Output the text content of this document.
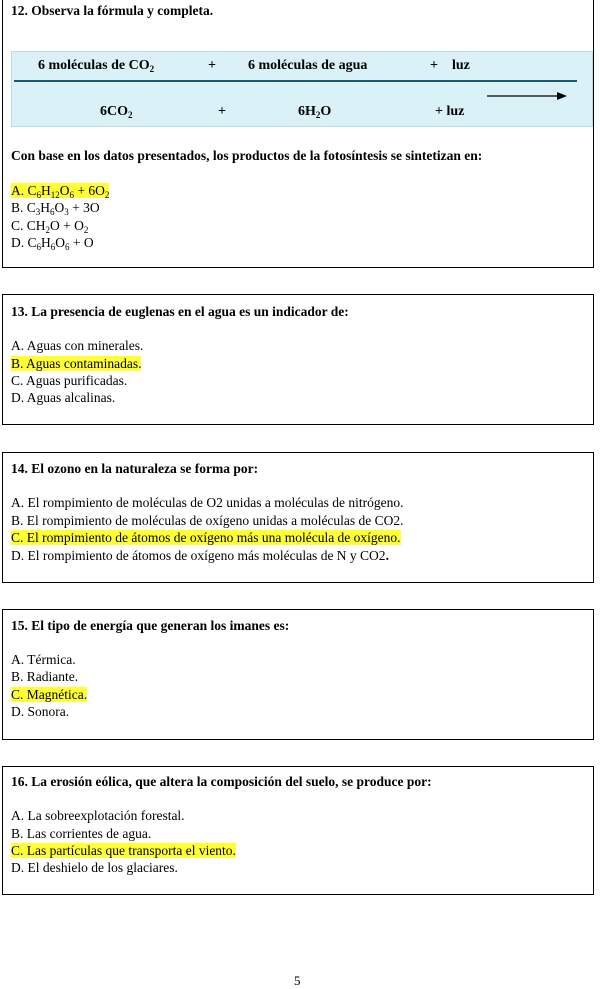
12. Observa la fórmula y completa.
6 moléculas de $CO_2$	+ 6 moléculas de agua	+ luz
$6CO_2$	+	$6H_2O$	+ luz
Con base en los datos presentados, los productos de la fotosíntesis se sintetizan en:
A. $C_6H_{12}O_6 + 6O_2$
B. $C_3H_6O_3 + 3O$
C. $CH_2O + O_2$
D. $C_6H_6O_6 + O$
13. La presencia de euglenas en el agua es un indicador de:
A. Aguas con minerales.
B. Aguas contaminadas.
C. Aguas purificadas.
D. Aguas alcalinas.
14. El ozono en la naturaleza se forma por:
A. El rompimiento de moléculas de O2 unidas a moléculas de nitrógeno.
B. El rompimiento de moléculas de oxígeno unidas a moléculas de CO2.
C. El rompimiento de átomos de oxígeno más una molécula de oxígeno.
D. El rompimiento de átomos de oxígeno más moléculas de N y CO2.
15. El tipo de energía que generan los imanes es:
A. Térmica.
B. Radiante.
C. Magnética.
D. Sonora.
16. La erosión eólica, que altera la composición del suelo, se produce por:
A. La sobreexplotación forestal.
B. Las corrientes de agua.
C. Las partículas que transporta el viento.
D. El deshielo de los glaciares.
5
